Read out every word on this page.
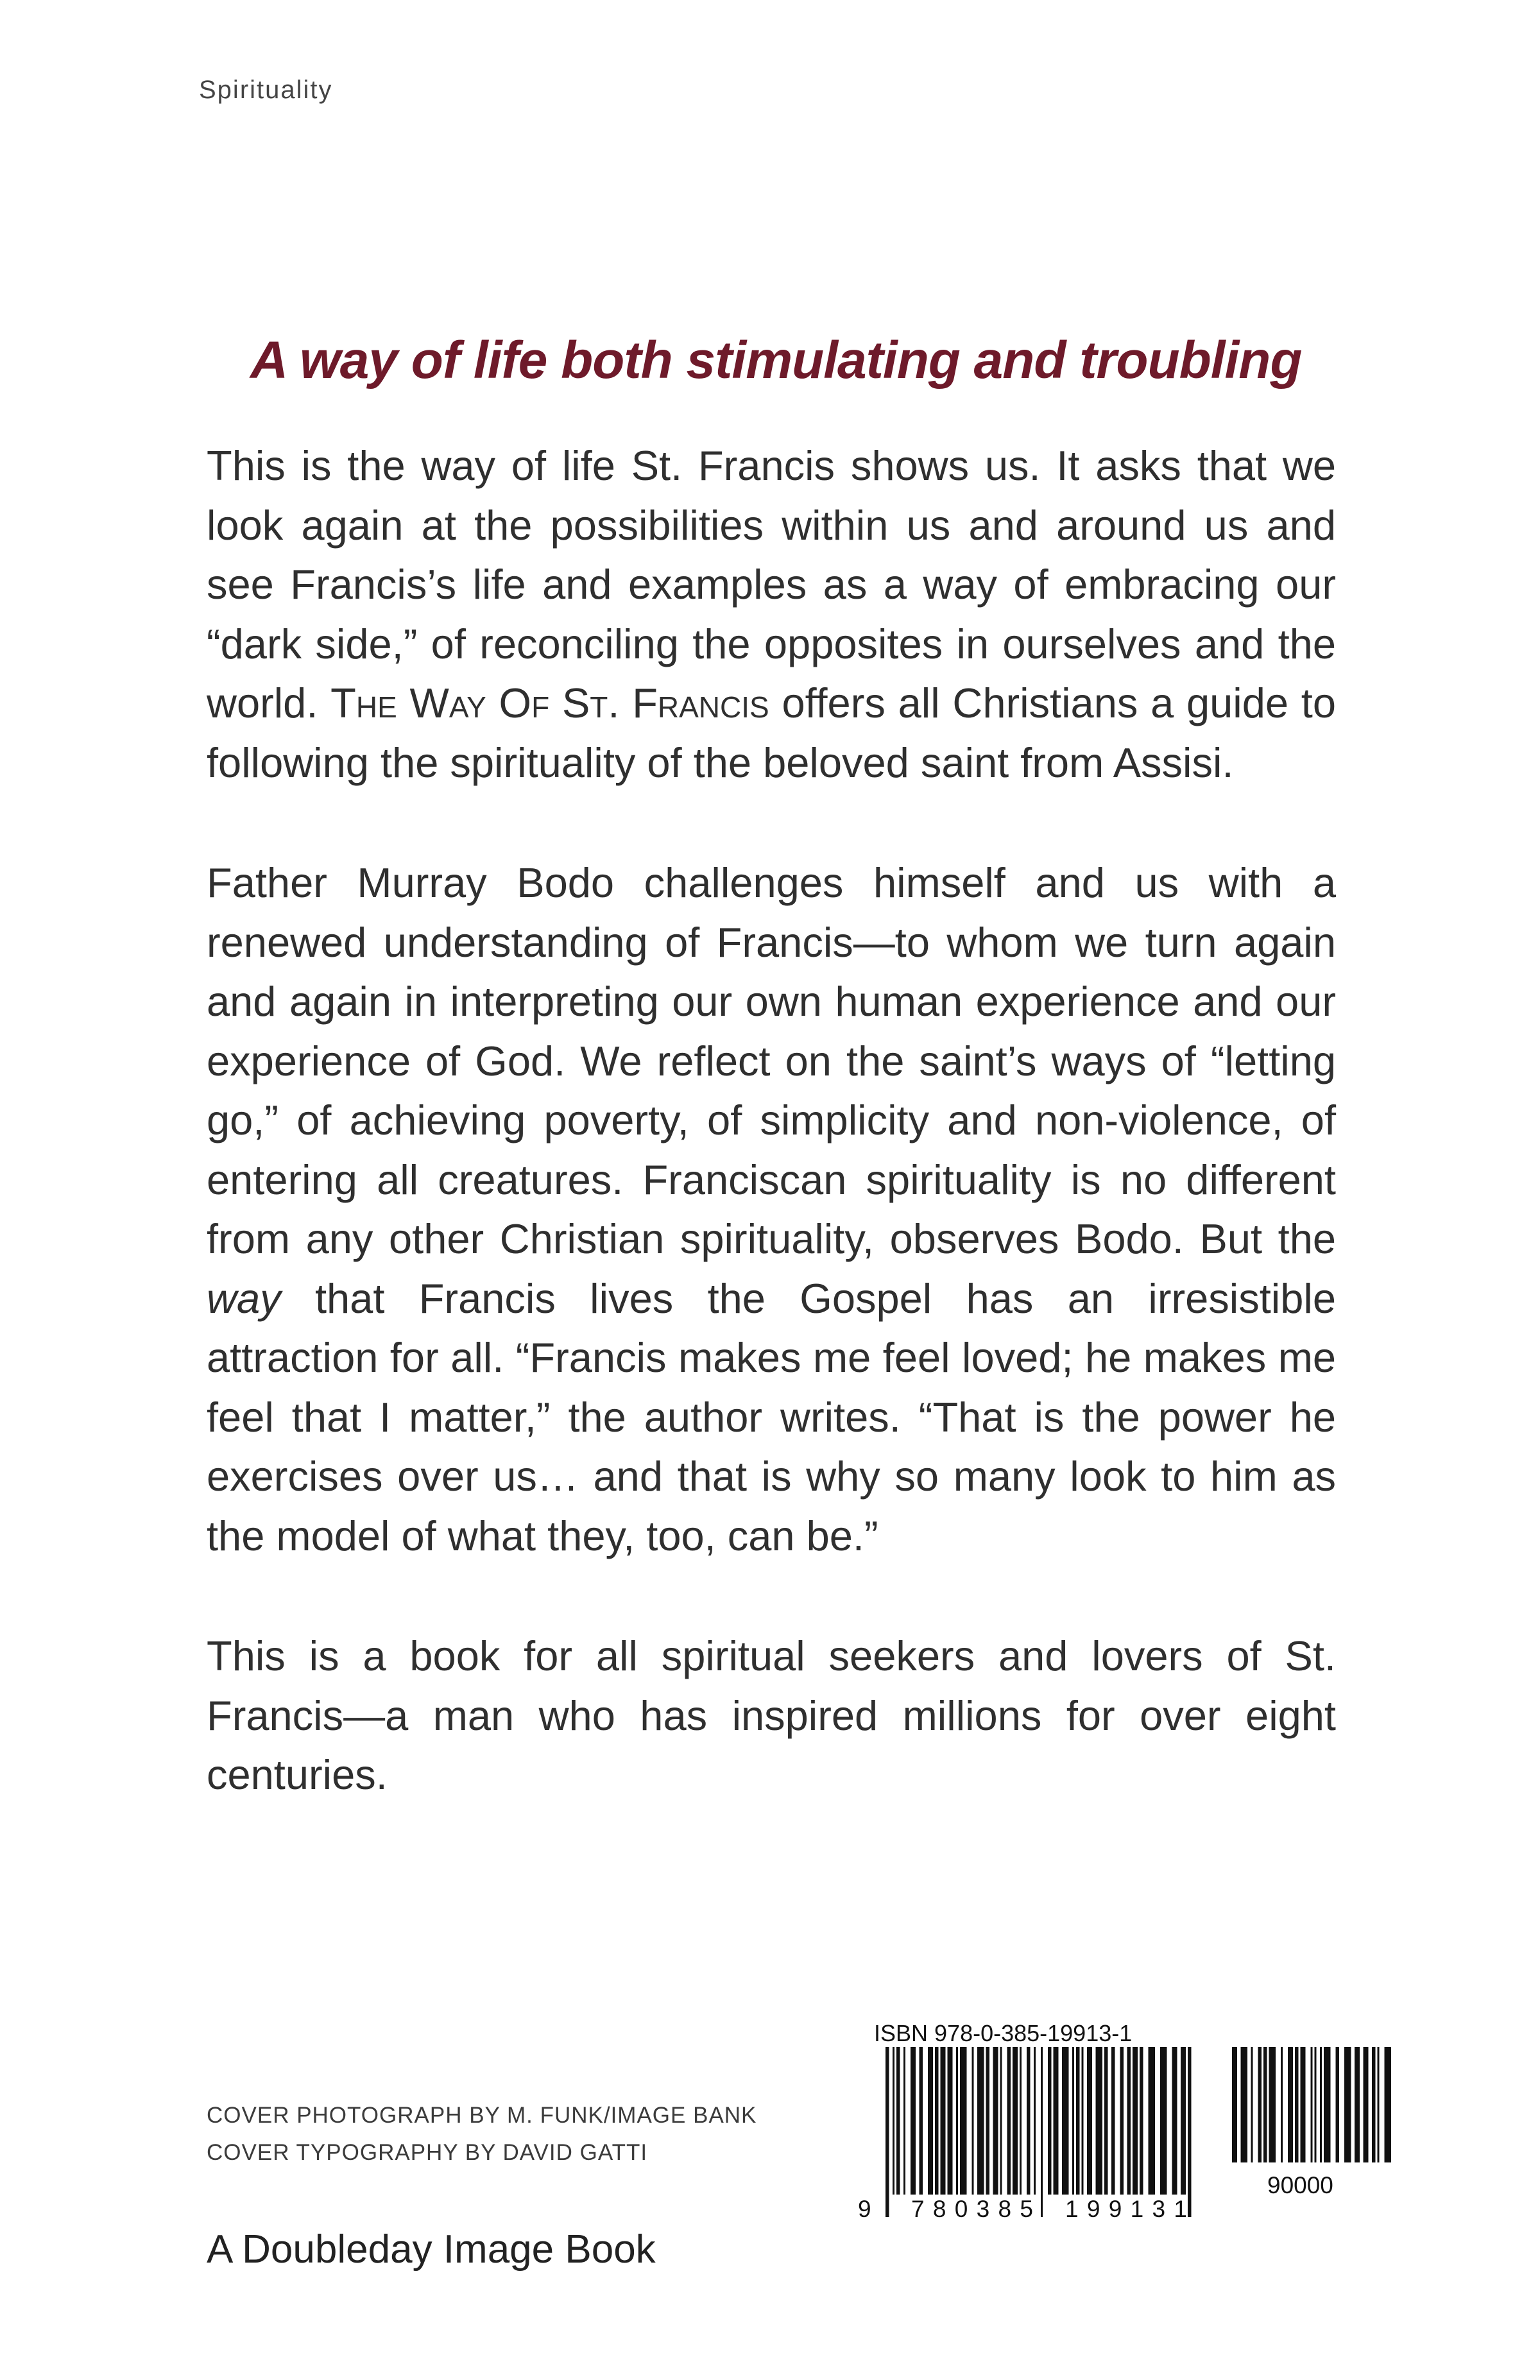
Spirituality
A way of life both stimulating and troubling

This is the way of life St. Francis shows us. It asks that we look again at the possibilities within us and around us and see Francis’s life and examples as a way of embracing our “dark side,” of reconciling the opposites in ourselves and the world. The Way Of St. Francis offers all Christians a guide to following the spirituality of the beloved saint from Assisi.

Father Murray Bodo challenges himself and us with a renewed understanding of Francis—to whom we turn again and again in interpreting our own human experience and our experience of God. We reflect on the saint’s ways of “letting go,” of achieving poverty, of simplicity and non-violence, of entering all creatures. Franciscan spirituality is no different from any other Christian spirituality, observes Bodo. But the way that Francis lives the Gospel has an irresistible attraction for all. “Francis makes me feel loved; he makes me feel that I matter,” the author writes. “That is the power he exercises over us… and that is why so many look to him as the model of what they, too, can be.”

This is a book for all spiritual seekers and lovers of St. Francis—a man who has inspired millions for over eight centuries.

COVER PHOTOGRAPH BY M. FUNK/IMAGE BANK
COVER TYPOGRAPHY BY DAVID GATTI
A Doubleday Image Book
ISBN 978-0-385-19913-1
9 780385 199131
90000
